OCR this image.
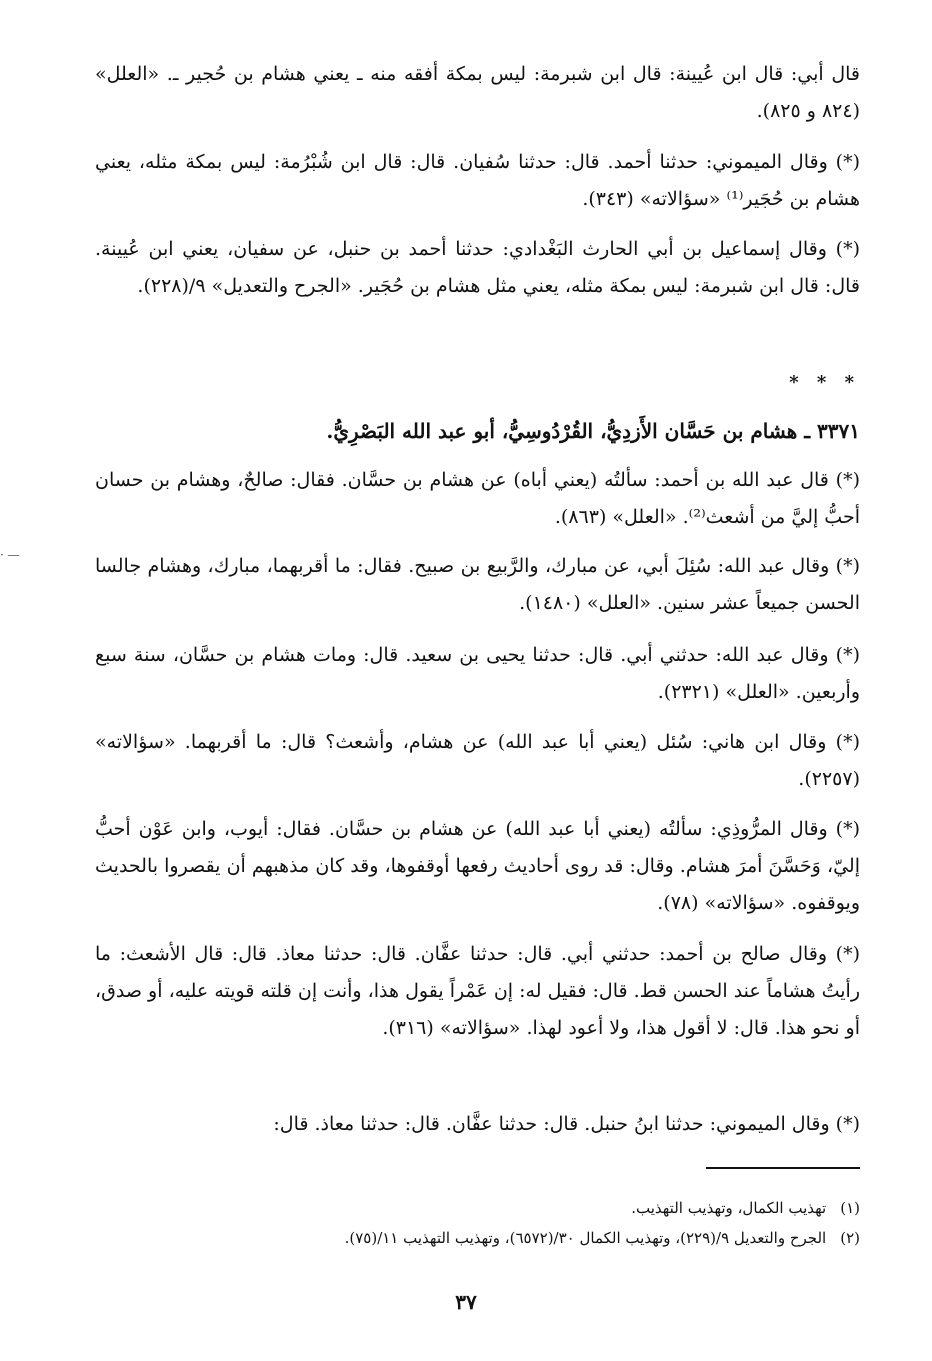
قال أبي: قال ابن عُيينة: قال ابن شبرمة: ليس بمكة أفقه منه ـ يعني هشام بن حُجير ـ. «العلل» (٨٢٤ و ٨٢٥).
(*) وقال الميموني: حدثنا أحمد. قال: حدثنا سُفيان. قال: قال ابن شُبْرُمة: ليس بمكة مثله، يعني هشام بن حُجَير⁽¹⁾ «سؤالاته» (٣٤٣).
(*) وقال إسماعيل بن أبي الحارث البَغْدادي: حدثنا أحمد بن حنبل، عن سفيان، يعني ابن عُيينة. قال: قال ابن شبرمة: ليس بمكة مثله، يعني مثل هشام بن حُجَير. «الجرح والتعديل» ٩/(٢٢٨).
* * *
٣٣٧١ ـ هشام بن حَسَّان الأَزدِيُّ، القُرْدُوسِيُّ، أبو عبد الله البَصْرِيُّ.
(*) قال عبد الله بن أحمد: سألتُه (يعني أباه) عن هشام بن حسَّان. فقال: صالحٌ، وهشام بن حسان أحبُّ إليَّ من أشعث⁽²⁾. «العلل» (٨٦٣).
(*) وقال عبد الله: سُئِلَ أبي، عن مبارك، والرَّبيع بن صبيح. فقال: ما أقربهما، مبارك، وهشام جالسا الحسن جميعاً عشر سنين. «العلل» (١٤٨٠).
(*) وقال عبد الله: حدثني أبي. قال: حدثنا يحيى بن سعيد. قال: ومات هشام بن حسَّان، سنة سبع وأربعين. «العلل» (٢٣٢١).
(*) وقال ابن هاني: سُئل (يعني أبا عبد الله) عن هشام، وأشعث؟ قال: ما أقربهما. «سؤالاته» (٢٢٥٧).
(*) وقال المرُّوذِي: سألتُه (يعني أبا عبد الله) عن هشام بن حسَّان. فقال: أيوب، وابن عَوْن أحبُّ إليّ، وَحَسَّنَ أمرَ هشام. وقال: قد روى أحاديث رفعها أوقفوها، وقد كان مذهبهم أن يقصروا بالحديث ويوقفوه. «سؤالاته» (٧٨).
(*) وقال صالح بن أحمد: حدثني أبي. قال: حدثنا عفَّان. قال: حدثنا معاذ. قال: قال الأشعث: ما رأيتُ هشاماً عند الحسن قط. قال: فقيل له: إن عَمْراً يقول هذا، وأنت إن قلته قويته عليه، أو صدق، أو نحو هذا. قال: لا أقول هذا، ولا أعود لهذا. «سؤالاته» (٣١٦).
(*) وقال الميموني: حدثنا ابنُ حنبل. قال: حدثنا عفَّان. قال: حدثنا معاذ. قال:
(١)تهذيب الكمال، وتهذيب التهذيب.
(٢)الجرح والتعديل ٩/(٢٢٩)، وتهذيب الكمال ٣٠/(٦٥٧٢)، وتهذيب التهذيب ١١/(٧٥).
٣٧
· —
